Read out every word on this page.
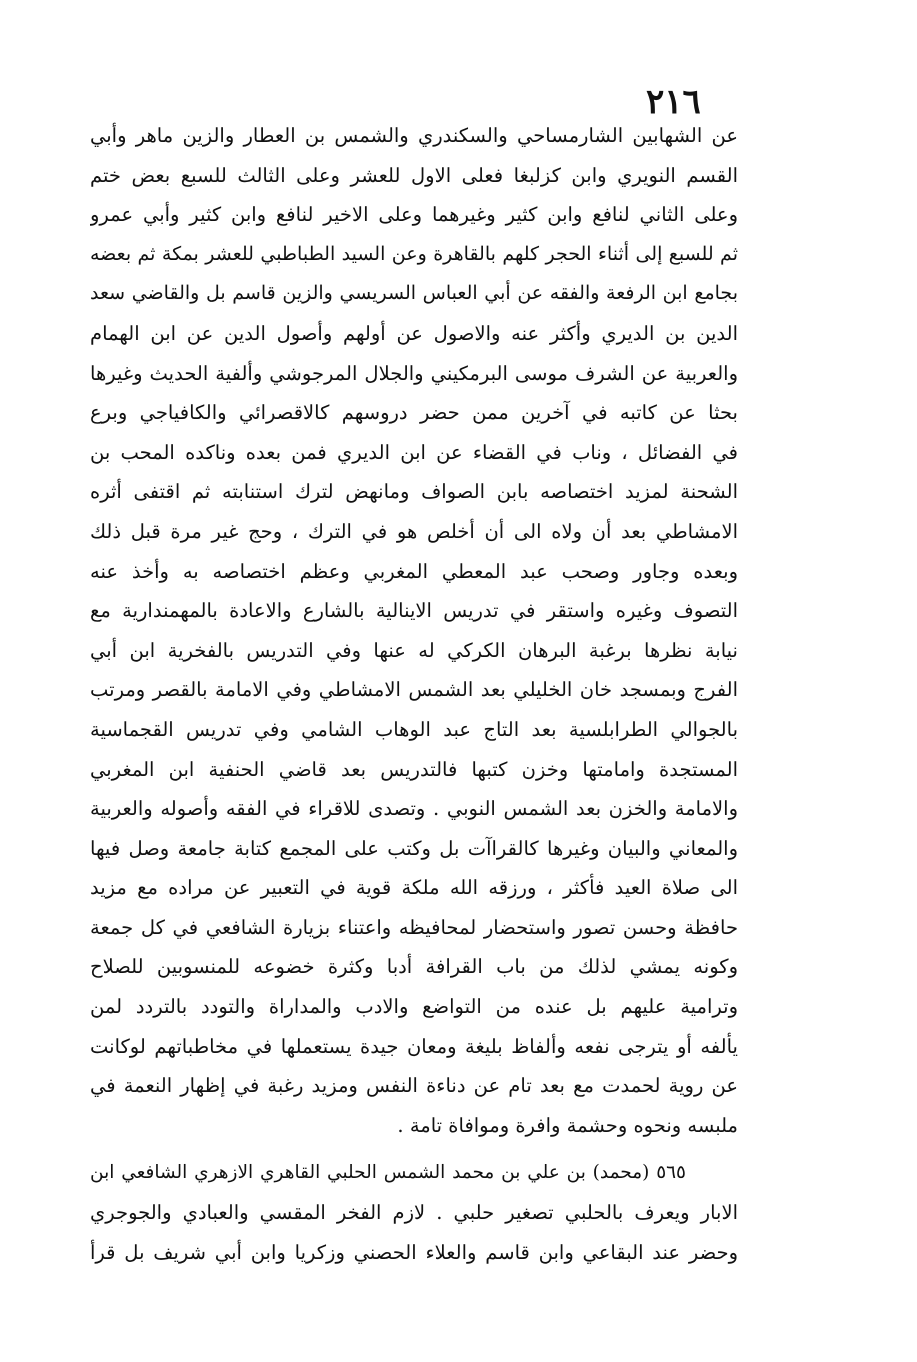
٢١٦
عن الشهابين الشارمساحي والسكندري والشمس بن العطار والزين ماهر وأبي
القسم النويري وابن كزلبغا فعلى الاول للعشر وعلى الثالث للسبع بعض ختم
وعلى الثاني لنافع وابن كثير وغيرهما وعلى الاخير لنافع وابن كثير وأبي عمرو
ثم للسبع إلى أثناء الحجر كلهم بالقاهرة وعن السيد الطباطبي للعشر بمكة ثم بعضه
بجامع ابن الرفعة والفقه عن أبي العباس السريسي والزين قاسم بل والقاضي سعد
الدين بن الديري وأكثر عنه والاصول عن أولهم وأصول الدين عن ابن الهمام
والعربية عن الشرف موسى البرمكيني والجلال المرجوشي وألفية الحديث وغيرها
بحثا عن كاتبه في آخرين ممن حضر دروسهم كالاقصرائي والكافياجي وبرع
في الفضائل ، وناب في القضاء عن ابن الديري فمن بعده وناكده المحب بن
الشحنة لمزيد اختصاصه بابن الصواف ومانهض لترك استنابته ثم اقتفى أثره
الامشاطي بعد أن ولاه الى أن أخلص هو في الترك ، وحج غير مرة قبل ذلك
وبعده وجاور وصحب عبد المعطي المغربي وعظم اختصاصه به وأخذ عنه
التصوف وغيره واستقر في تدريس الاينالية بالشارع والاعادة بالمهمندارية مع
نيابة نظرها برغبة البرهان الكركي له عنها وفي التدريس بالفخرية ابن أبي
الفرج وبمسجد خان الخليلي بعد الشمس الامشاطي وفي الامامة بالقصر ومرتب
بالجوالي الطرابلسية بعد التاج عبد الوهاب الشامي وفي تدريس القجماسية
المستجدة وامامتها وخزن كتبها فالتدريس بعد قاضي الحنفية ابن المغربي
والامامة والخزن بعد الشمس النوبي . وتصدى للاقراء في الفقه وأصوله والعربية
والمعاني والبيان وغيرها كالقراآت بل وكتب على المجمع كتابة جامعة وصل فيها
الى صلاة العيد فأكثر ، ورزقه الله ملكة قوية في التعبير عن مراده مع مزيد
حافظة وحسن تصور واستحضار لمحافيظه واعتناء بزيارة الشافعي في كل جمعة
وكونه يمشي لذلك من باب القرافة أدبا وكثرة خضوعه للمنسوبين للصلاح
وترامية عليهم بل عنده من التواضع والادب والمداراة والتودد بالتردد لمن
يألفه أو يترجى نفعه وألفاظ بليغة ومعان جيدة يستعملها في مخاطباتهم لوكانت
عن روية لحمدت مع بعد تام عن دناءة النفس ومزيد رغبة في إظهار النعمة في
ملبسه ونحوه وحشمة وافرة وموافاة تامة .
٥٦٥ (محمد) بن علي بن محمد الشمس الحلبي القاهري الازهري الشافعي ابن
الابار ويعرف بالحلبي تصغير حلبي . لازم الفخر المقسي والعبادي والجوجري
وحضر عند البقاعي وابن قاسم والعلاء الحصني وزكريا وابن أبي شريف بل قرأ
